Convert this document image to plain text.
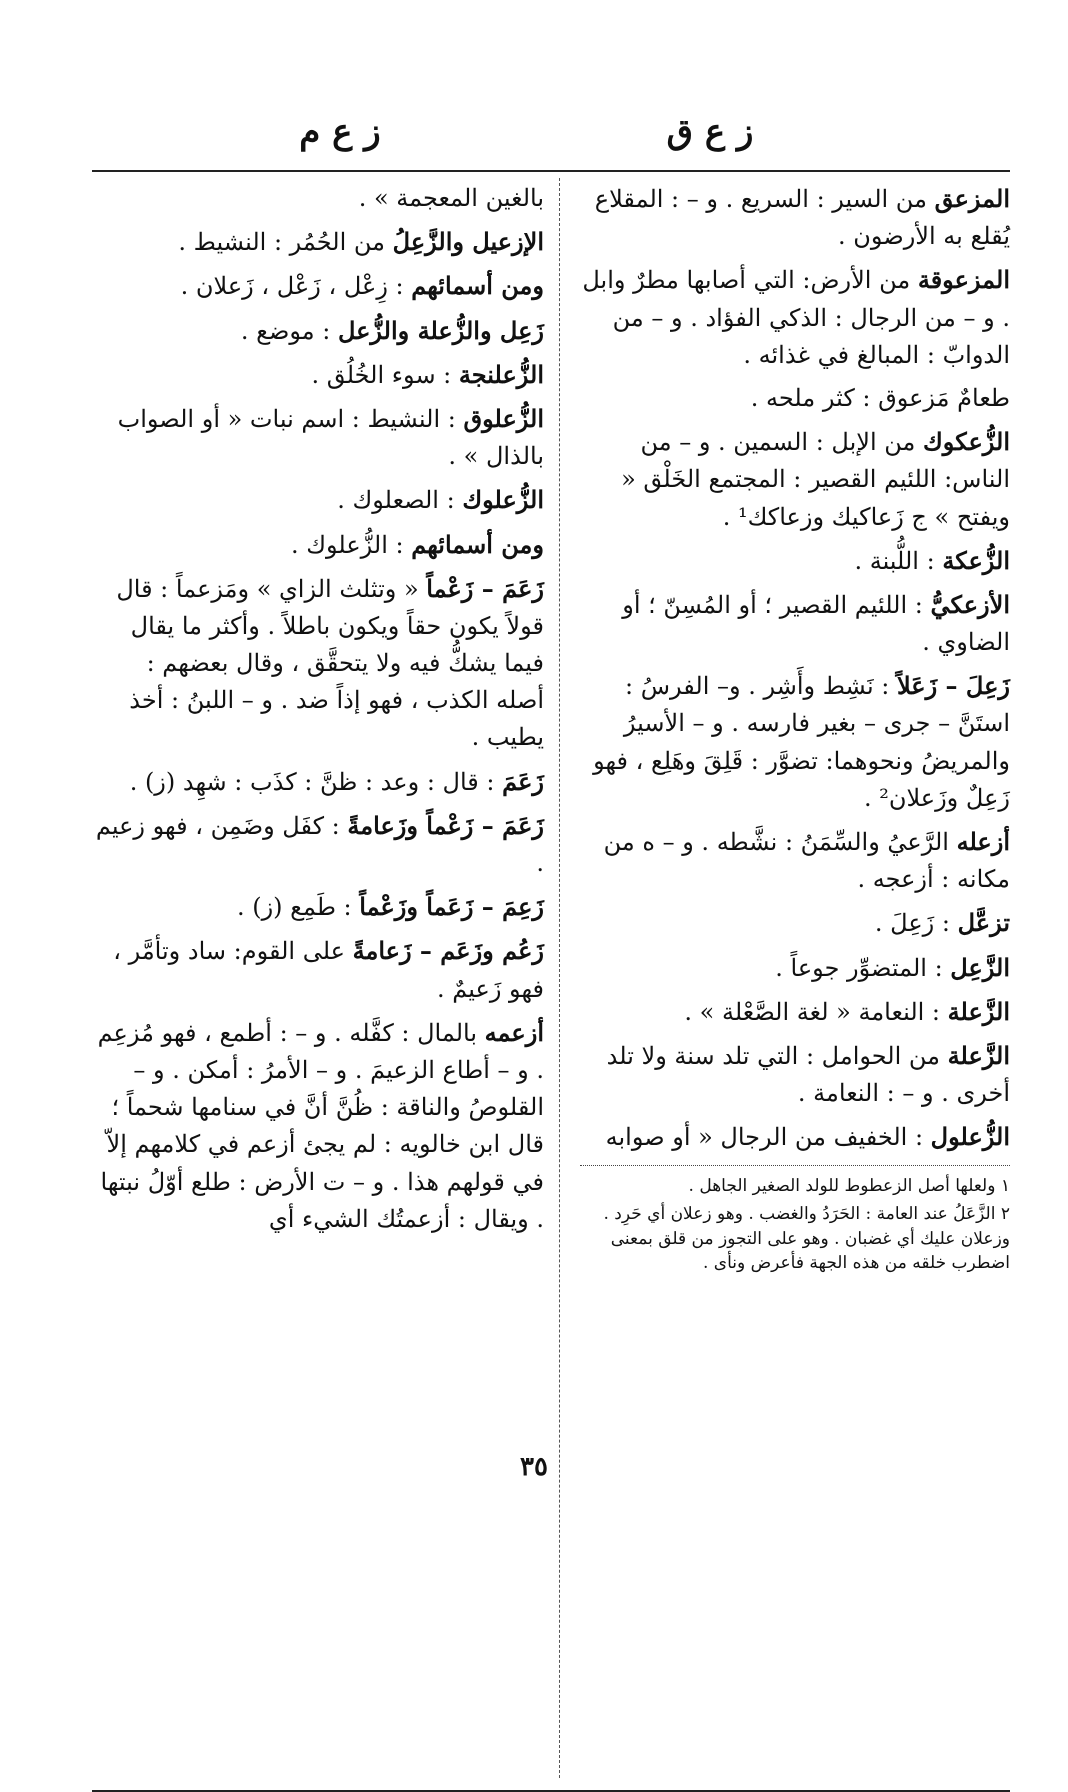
ز ع ق
ز ع م

المزعق من السير : السريع . و – : المقلاع يُقلع به الأرضون .

المزعوقة من الأرض: التي أصابها مطرٌ وابل . و – من الرجال : الذكي الفؤاد . و – من الدوابّ : المبالغ في غذائه .

طعامٌ مَزعوق : كثر ملحه .

الزُّعكوك من الإبل : السمين . و – من الناس: اللئيم القصير : المجتمع الخَلْق « ويفتح » ج زَعاكيك وزعاكك¹ .

الزُّعكة : اللُّبنة .

الأزعكيُّ : اللئيم القصير ؛ أو المُسِنّ ؛ أو الضاوي .

زَعِلَ – زَعَلاً : نَشِط وأَشِر . و– الفرسُ : استَنَّ – جرى – بغير فارسه . و – الأسيرُ والمريضُ ونحوهما: تضوَّر : قَلِقَ وهَلِع ، فهو زَعِلٌ وزَعلان² .

أزعله الرَّعيُ والسِّمَنُ : نشَّطه . و – ه من مكانه : أزعجه .

تزعَّل : زَعِلَ .

الزَّعِل : المتضوِّر جوعاً .

الزَّعلة : النعامة « لغة الصَّعْلة » .

الزَّعلة من الحوامل : التي تلد سنة ولا تلد أخرى . و – : النعامة .

الزُّعلول : الخفيف من الرجال « أو صوابه

١ ولعلها أصل الزعطوط للولد الصغير الجاهل .

٢ الزَّعَلُ عند العامة : الحَرَدُ والغضب . وهو زعلان أي حَرِد . وزعلان عليك أي غضبان . وهو على التجوز من قلق بمعنى اضطرب خلقه من هذه الجهة فأعرض ونأى .

بالغين المعجمة » .

الإزعيل والزَّعِلُ من الحُمُر : النشيط .

ومن أسمائهم : زِعْل ، زَعْل ، زَعلان .

زَعِل والزُّعلة والزُّعل : موضع .

الزُّعلنجة : سوء الخُلُق .

الزُّعلوق : النشيط : اسم نبات « أو الصواب بالذال » .

الزُّعلوك : الصعلوك .

ومن أسمائهم : الزُّعلوك .

زَعَمَ – زَعْماً « وتثلث الزاي » ومَزعماً : قال قولاً يكون حقاً ويكون باطلاً . وأكثر ما يقال فيما يشكُّ فيه ولا يتحقَّق ، وقال بعضهم : أصله الكذب ، فهو إذاً ضد . و – اللبنُ : أخذ يطيب .

زَعَمَ : قال : وعد : ظنَّ : كذَب : شهِد (ز) .

زَعَمَ – زَعْماً وزَعامةً : كفَل وضَمِن ، فهو زعيم .

زَعِمَ – زَعَماً وزَعْماً : طَمِع (ز) .

زَعُم وزَعَم – زَعامةً على القوم: ساد وتأمَّر ، فهو زَعيمٌ .

أزعمه بالمال : كفَّله . و – : أطمع ، فهو مُزعِم . و – أطاع الزعيمَ . و – الأمرُ : أمكن . و – القلوصُ والناقة : ظُنَّ أنَّ في سنامها شحماً ؛ قال ابن خالويه : لم يجئ أزعم في كلامهم إلاّ في قولهم هذا . و – ت الأرض : طلع أوّلُ نبتها . ويقال : أزعمتُك الشيء أي

٣٥
